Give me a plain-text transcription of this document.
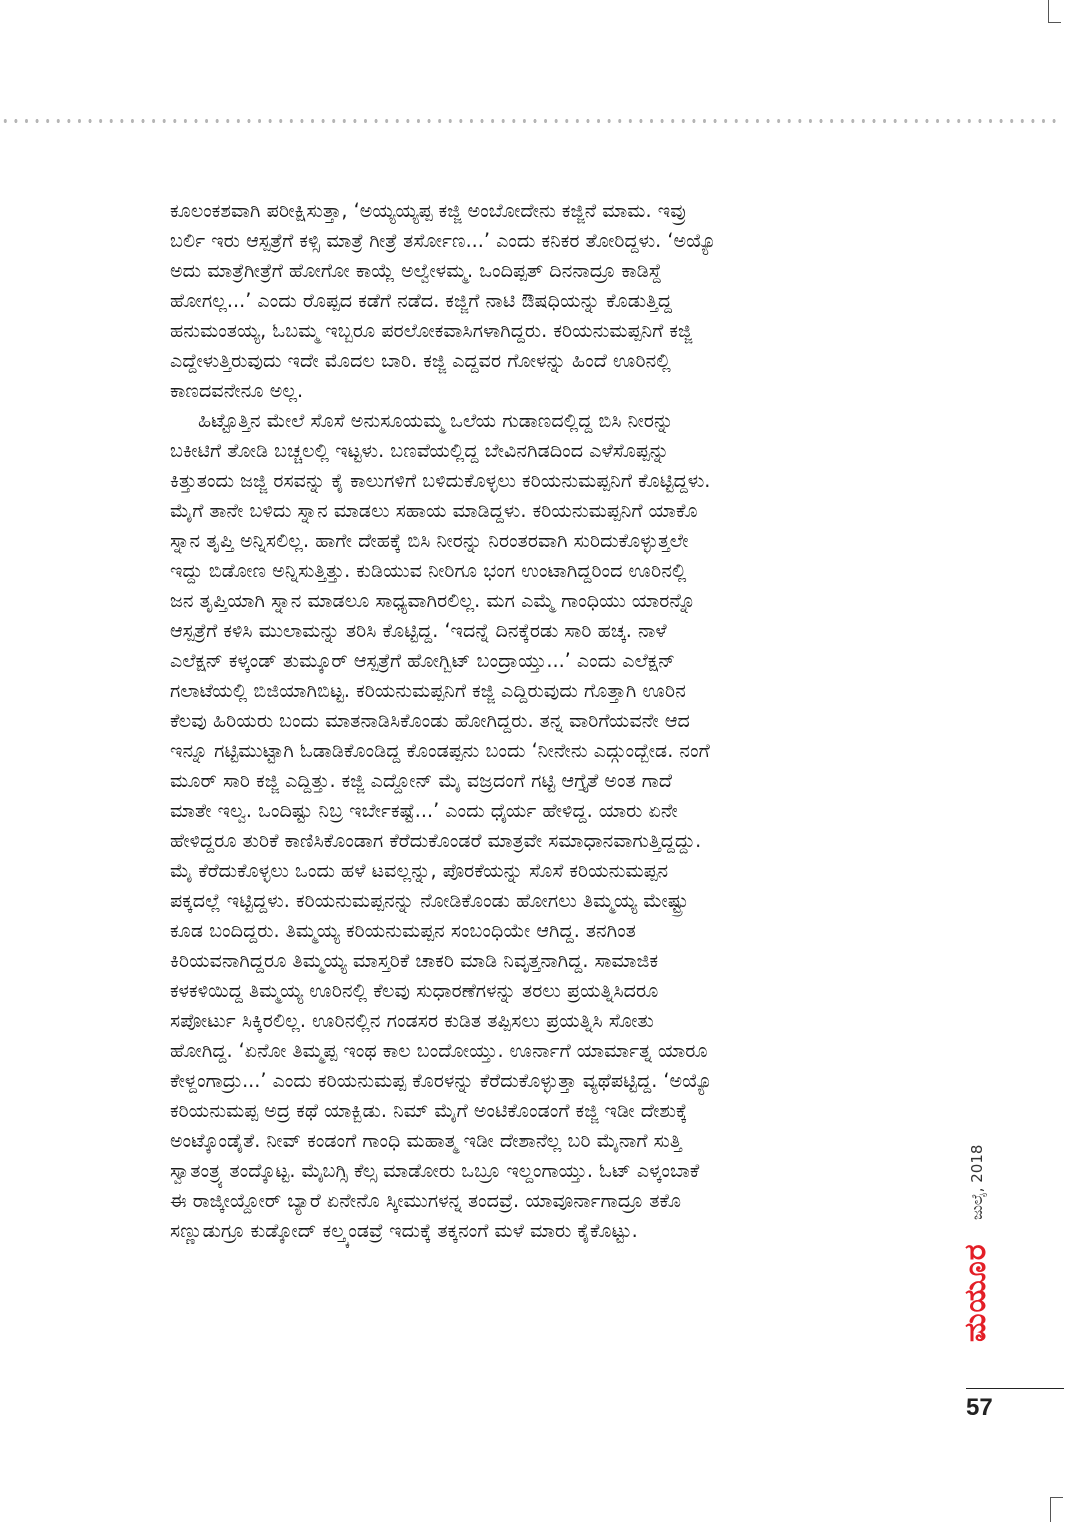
ಕೂಲಂಕಶವಾಗಿ ಪರೀಕ್ಷಿಸುತ್ತಾ, ‘ಅಯ್ಯಯ್ಯಪ್ಪ ಕಜ್ಜಿ ಅಂಬೋದೇನು ಕಜ್ಜಿನೆ ಮಾಮ. ಇವ್ರು
ಬರ್ಲಿ ಇರು ಆಸ್ಪತ್ರೆಗೆ ಕಳ್ಸಿ ಮಾತ್ರೆ ಗೀತ್ರೆ ತರ್ಸೋಣ...’ ಎಂದು ಕನಿಕರ ತೋರಿದ್ದಳು. ‘ಅಯ್ಯೊ
ಅದು ಮಾತ್ರೆಗೀತ್ರೆಗೆ ಹೋಗೋ ಕಾಯ್ಲೆ ಅಲ್ವೇಳಮ್ಮ. ಒಂದಿಪ್ಪತ್ ದಿನನಾದ್ರೂ ಕಾಡಿಸ್ದೆ
ಹೋಗಲ್ಲ...’ ಎಂದು ರೊಪ್ಪದ ಕಡೆಗೆ ನಡೆದ. ಕಜ್ಜಿಗೆ ನಾಟಿ ಔಷಧಿಯನ್ನು ಕೊಡುತ್ತಿದ್ದ
ಹನುಮಂತಯ್ಯ, ಓಬಮ್ಮ ಇಬ್ಬರೂ ಪರಲೋಕವಾಸಿಗಳಾಗಿದ್ದರು. ಕರಿಯನುಮಪ್ಪನಿಗೆ ಕಜ್ಜಿ
ಎದ್ದೇಳುತ್ತಿರುವುದು ಇದೇ ಮೊದಲ ಬಾರಿ. ಕಜ್ಜಿ ಎದ್ದವರ ಗೋಳನ್ನು ಹಿಂದೆ ಊರಿನಲ್ಲಿ
ಕಾಣದವನೇನೂ ಅಲ್ಲ.
ಹಿಟ್ಟೊತ್ತಿನ ಮೇಲೆ ಸೊಸೆ ಅನುಸೂಯಮ್ಮ ಒಲೆಯ ಗುಡಾಣದಲ್ಲಿದ್ದ ಬಿಸಿ ನೀರನ್ನು
ಬಕೀಟಿಗೆ ತೋಡಿ ಬಚ್ಚಲಲ್ಲಿ ಇಟ್ಟಳು. ಬಣವೆಯಲ್ಲಿದ್ದ ಬೇವಿನಗಿಡದಿಂದ ಎಳೆಸೊಪ್ಪನ್ನು
ಕಿತ್ತುತಂದು ಜಜ್ಜಿ ರಸವನ್ನು ಕೈ ಕಾಲುಗಳಿಗೆ ಬಳಿದುಕೊಳ್ಳಲು ಕರಿಯನುಮಪ್ಪನಿಗೆ ಕೊಟ್ಟಿದ್ದಳು.
ಮೈಗೆ ತಾನೇ ಬಳಿದು ಸ್ನಾನ ಮಾಡಲು ಸಹಾಯ ಮಾಡಿದ್ದಳು. ಕರಿಯನುಮಪ್ಪನಿಗೆ ಯಾಕೊ
ಸ್ನಾನ ತೃಪ್ತಿ ಅನ್ನಿಸಲಿಲ್ಲ. ಹಾಗೇ ದೇಹಕ್ಕೆ ಬಿಸಿ ನೀರನ್ನು ನಿರಂತರವಾಗಿ ಸುರಿದುಕೊಳ್ಳುತ್ತಲೇ
ಇದ್ದು ಬಿಡೋಣ ಅನ್ನಿಸುತ್ತಿತ್ತು. ಕುಡಿಯುವ ನೀರಿಗೂ ಭಂಗ ಉಂಟಾಗಿದ್ದರಿಂದ ಊರಿನಲ್ಲಿ
ಜನ ತೃಪ್ತಿಯಾಗಿ ಸ್ನಾನ ಮಾಡಲೂ ಸಾಧ್ಯವಾಗಿರಲಿಲ್ಲ. ಮಗ ಎಮ್ಮೆ ಗಾಂಧಿಯು ಯಾರನ್ನೊ
ಆಸ್ಪತ್ರೆಗೆ ಕಳಿಸಿ ಮುಲಾಮನ್ನು ತರಿಸಿ ಕೊಟ್ಟಿದ್ದ. ‘ಇದನ್ನೆ ದಿನಕ್ಕೆರಡು ಸಾರಿ ಹಚ್ಕ. ನಾಳೆ
ಎಲೆಕ್ಷನ್ ಕಳ್ಕಂಡ್ ತುಮ್ಕೂರ್ ಆಸ್ಪತ್ರೆಗೆ ಹೋಗ್ಬಿಟ್ ಬಂದ್ರಾಯ್ತು...’ ಎಂದು ಎಲೆಕ್ಷನ್
ಗಲಾಟೆಯಲ್ಲಿ ಬಿಜಿಯಾಗಿಬಿಟ್ಟ. ಕರಿಯನುಮಪ್ಪನಿಗೆ ಕಜ್ಜಿ ಎದ್ದಿರುವುದು ಗೊತ್ತಾಗಿ ಊರಿನ
ಕೆಲವು ಹಿರಿಯರು ಬಂದು ಮಾತನಾಡಿಸಿಕೊಂಡು ಹೋಗಿದ್ದರು. ತನ್ನ ವಾರಿಗೆಯವನೇ ಆದ
ಇನ್ನೂ ಗಟ್ಟಿಮುಟ್ಟಾಗಿ ಓಡಾಡಿಕೊಂಡಿದ್ದ ಕೊಂಡಪ್ಪನು ಬಂದು ‘ನೀನೇನು ಎದ್ಗುಂದ್ಬೇಡ. ನಂಗೆ
ಮೂರ್ ಸಾರಿ ಕಜ್ಜಿ ಎದ್ದಿತ್ತು. ಕಜ್ಜಿ ಎದ್ದೋನ್ ಮೈ ವಜ್ರದಂಗೆ ಗಟ್ಟಿ ಆಗ್ತೈತೆ ಅಂತ ಗಾದೆ
ಮಾತೇ ಇಲ್ವ. ಒಂದಿಷ್ಟು ನಿಬ್ರ ಇರ್ಬೇಕಷ್ಟೆ...’ ಎಂದು ಧೈರ್ಯ ಹೇಳಿದ್ದ. ಯಾರು ಏನೇ
ಹೇಳಿದ್ದರೂ ತುರಿಕೆ ಕಾಣಿಸಿಕೊಂಡಾಗ ಕೆರೆದುಕೊಂಡರೆ ಮಾತ್ರವೇ ಸಮಾಧಾನವಾಗುತ್ತಿದ್ದದ್ದು.
ಮೈ ಕೆರೆದುಕೊಳ್ಳಲು ಒಂದು ಹಳೆ ಟವಲ್ಲನ್ನು, ಪೊರಕೆಯನ್ನು ಸೊಸೆ ಕರಿಯನುಮಪ್ಪನ
ಪಕ್ಕದಲ್ಲೆ ಇಟ್ಟಿದ್ದಳು. ಕರಿಯನುಮಪ್ಪನನ್ನು ನೋಡಿಕೊಂಡು ಹೋಗಲು ತಿಮ್ಮಯ್ಯ ಮೇಷ್ಟ್ರು
ಕೂಡ ಬಂದಿದ್ದರು. ತಿಮ್ಮಯ್ಯ ಕರಿಯನುಮಪ್ಪನ ಸಂಬಂಧಿಯೇ ಆಗಿದ್ದ. ತನಗಿಂತ
ಕಿರಿಯವನಾಗಿದ್ದರೂ ತಿಮ್ಮಯ್ಯ ಮಾಸ್ತರಿಕೆ ಚಾಕರಿ ಮಾಡಿ ನಿವೃತ್ತನಾಗಿದ್ದ. ಸಾಮಾಜಿಕ
ಕಳಕಳಿಯಿದ್ದ ತಿಮ್ಮಯ್ಯ ಊರಿನಲ್ಲಿ ಕೆಲವು ಸುಧಾರಣೆಗಳನ್ನು ತರಲು ಪ್ರಯತ್ನಿಸಿದರೂ
ಸಪೋರ್ಟು ಸಿಕ್ಕಿರಲಿಲ್ಲ. ಊರಿನಲ್ಲಿನ ಗಂಡಸರ ಕುಡಿತ ತಪ್ಪಿಸಲು ಪ್ರಯತ್ನಿಸಿ ಸೋತು
ಹೋಗಿದ್ದ. ‘ಏನೋ ತಿಮ್ಮಪ್ಪ ಇಂಥ ಕಾಲ ಬಂದೋಯ್ತು. ಊರ್ನಾಗೆ ಯಾರ್ಮಾತ್ನ ಯಾರೂ
ಕೇಳ್ದಂಗಾದ್ರು...’ ಎಂದು ಕರಿಯನುಮಪ್ಪ ಕೊರಳನ್ನು ಕೆರೆದುಕೊಳ್ಳುತ್ತಾ ವ್ಯಥೆಪಟ್ಟಿದ್ದ. ‘ಅಯ್ಯೊ
ಕರಿಯನುಮಪ್ಪ ಅದ್ರ ಕಥೆ ಯಾಕ್ಬಿಡು. ನಿಮ್ ಮೈಗೆ ಅಂಟಿಕೊಂಡಂಗೆ ಕಜ್ಜಿ ಇಡೀ ದೇಶುಕ್ಕೆ
ಅಂಟ್ಕೊಂಡೈತೆ. ನೀವ್ ಕಂಡಂಗೆ ಗಾಂಧಿ ಮಹಾತ್ಮ ಇಡೀ ದೇಶಾನೆಲ್ಲ ಬರಿ ಮೈನಾಗೆ ಸುತ್ತಿ
ಸ್ವಾತಂತ್ರ್ಯ ತಂದ್ಕೊಟ್ಟ. ಮೈಬಗ್ಸಿ ಕೆಲ್ಸ ಮಾಡೋರು ಒಬ್ರೂ ಇಲ್ದಂಗಾಯ್ತು. ಓಟ್ ಎಳ್ಕಂಬಾಕೆ
ಈ ರಾಜ್ಕೀಯ್ದೋರ್ ಬ್ಯಾರೆ ಏನೇನೊ ಸ್ಕೀಮುಗಳನ್ನ ತಂದವ್ರೆ. ಯಾವೂರ್ನಾಗಾದ್ರೂ ತಕೊ
ಸಣ್ಣುಡುಗ್ರೂ ಕುಡ್ಕೋದ್ ಕಲ್ತ್ಕಂಡವ್ರೆ ಇದುಕ್ಕೆ ತಕ್ಕನಂಗೆ ಮಳೆ ಮಾರು ಕೈಕೊಟ್ಟು.
ಜುಲೈ, 2018
ಮಯೂರ
57
